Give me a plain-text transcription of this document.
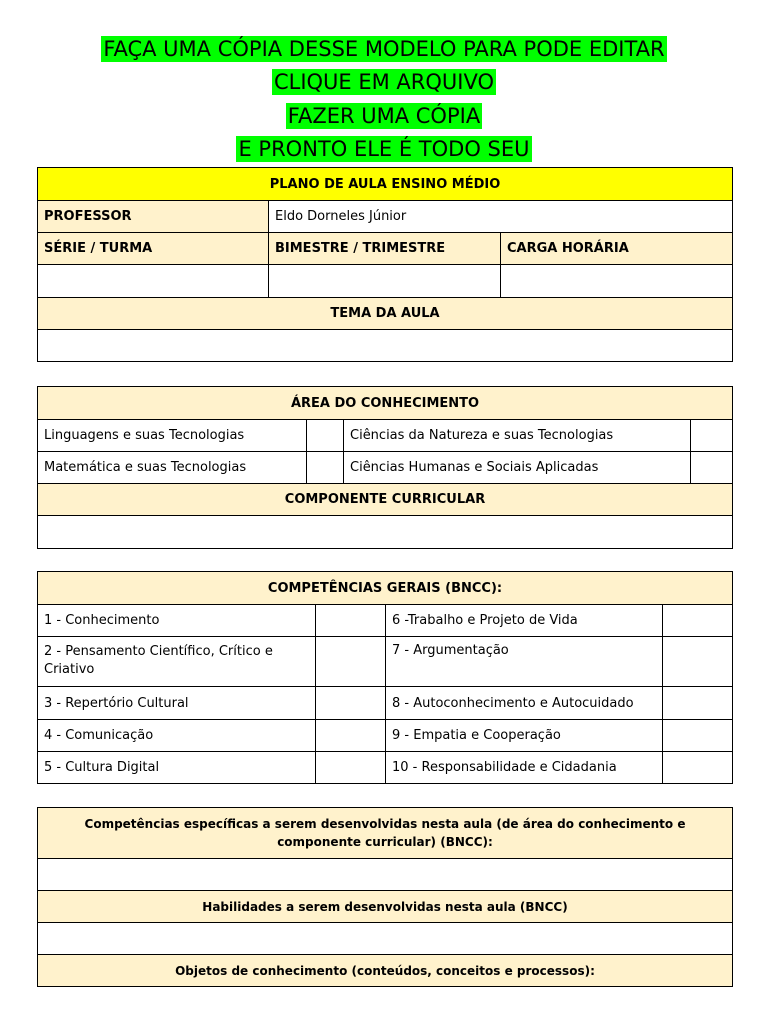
FAÇA UMA CÓPIA DESSE MODELO PARA PODE EDITAR
CLIQUE EM ARQUIVO
FAZER UMA CÓPIA
E PRONTO ELE É TODO SEU
PLANO DE AULA ENSINO MÉDIO		
PROFESSOR	Eldo Dorneles Júnior	
SÉRIE / TURMA	BIMESTRE / TRIMESTRE	CARGA HORÁRIA

TEMA DA AULA		

ÁREA DO CONHECIMENTO			
Linguagens e suas Tecnologias		Ciências da Natureza e suas Tecnologias	
Matemática e suas Tecnologias		Ciências Humanas e Sociais Aplicadas	
COMPONENTE CURRICULAR			

COMPETÊNCIAS GERAIS (BNCC):			
1 - Conhecimento		6 -Trabalho e Projeto de Vida	
2 - Pensamento Científico, Crítico e Criativo		7 - Argumentação	
3 - Repertório Cultural		8 - Autoconhecimento e Autocuidado	
4 - Comunicação		9 - Empatia e Cooperação	
5 - Cultura Digital		10 - Responsabilidade e Cidadania	
Competências específicas a serem desenvolvidas nesta aula (de área do conhecimento e componente curricular) (BNCC):

Habilidades a serem desenvolvidas nesta aula (BNCC)

Objetos de conhecimento (conteúdos, conceitos e processos):
